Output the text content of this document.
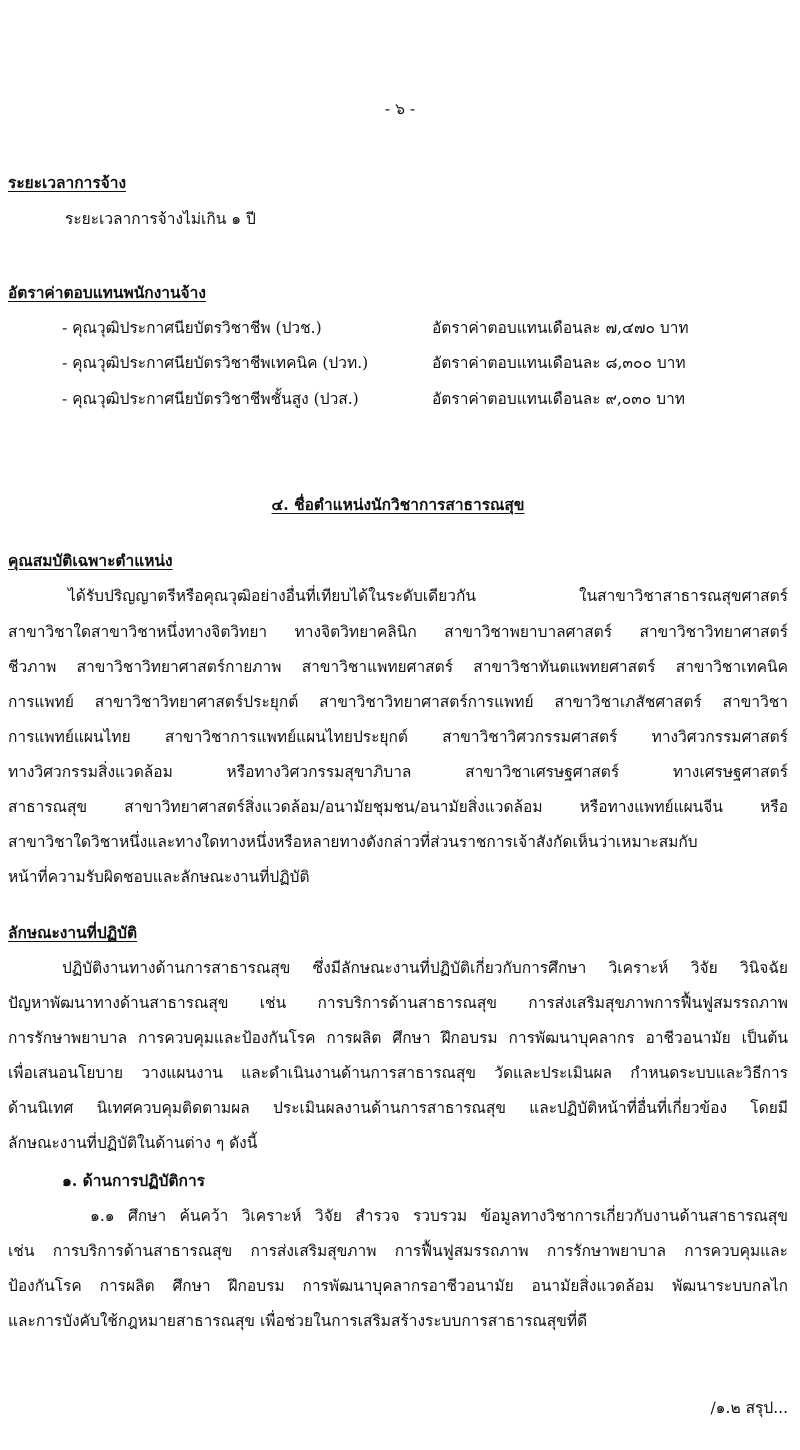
- ๖ -
ระยะเวลาการจ้าง
ระยะเวลาการจ้างไม่เกิน ๑ ปี
อัตราค่าตอบแทนพนักงานจ้าง
- คุณวุฒิประกาศนียบัตรวิชาชีพ (ปวช.)	อัตราค่าตอบแทนเดือนละ ๗,๔๗๐ บาท
- คุณวุฒิประกาศนียบัตรวิชาชีพเทคนิค (ปวท.)	อัตราค่าตอบแทนเดือนละ ๘,๓๐๐ บาท
- คุณวุฒิประกาศนียบัตรวิชาชีพชั้นสูง (ปวส.)	อัตราค่าตอบแทนเดือนละ ๙,๐๓๐ บาท
๔. ชื่อตำแหน่งนักวิชาการสาธารณสุข
คุณสมบัติเฉพาะตำแหน่ง
ได้รับปริญญาตรีหรือคุณวุฒิอย่างอื่นที่เทียบได้ในระดับเดียวกัน ในสาขาวิชาสาธารณสุขศาสตร์
สาขาวิชาใดสาขาวิชาหนึ่งทางจิตวิทยา ทางจิตวิทยาคลินิก สาขาวิชาพยาบาลศาสตร์ สาขาวิชาวิทยาศาสตร์
ชีวภาพ สาขาวิชาวิทยาศาสตร์กายภาพ สาขาวิชาแพทยศาสตร์ สาขาวิชาทันตแพทยศาสตร์ สาขาวิชาเทคนิค
การแพทย์ สาขาวิชาวิทยาศาสตร์ประยุกต์ สาขาวิชาวิทยาศาสตร์การแพทย์ สาขาวิชาเภสัชศาสตร์ สาขาวิชา
การแพทย์แผนไทย สาขาวิชาการแพทย์แผนไทยประยุกต์ สาขาวิชาวิศวกรรมศาสตร์ ทางวิศวกรรมศาสตร์
ทางวิศวกรรมสิ่งแวดล้อม หรือทางวิศวกรรมสุขาภิบาล สาขาวิชาเศรษฐศาสตร์ ทางเศรษฐศาสตร์
สาธารณสุข สาขาวิทยาศาสตร์สิ่งแวดล้อม/อนามัยชุมชน/อนามัยสิ่งแวดล้อม หรือทางแพทย์แผนจีน หรือ
สาขาวิชาใดวิชาหนึ่งและทางใดทางหนึ่งหรือหลายทางดังกล่าวที่ส่วนราชการเจ้าสังกัดเห็นว่าเหมาะสมกับ
หน้าที่ความรับผิดชอบและลักษณะงานที่ปฏิบัติ
ลักษณะงานที่ปฏิบัติ
ปฏิบัติงานทางด้านการสาธารณสุข ซึ่งมีลักษณะงานที่ปฏิบัติเกี่ยวกับการศึกษา วิเคราะห์ วิจัย วินิจฉัย
ปัญหาพัฒนาทางด้านสาธารณสุข เช่น การบริการด้านสาธารณสุข การส่งเสริมสุขภาพการฟื้นฟูสมรรถภาพ
การรักษาพยาบาล การควบคุมและป้องกันโรค การผลิต ศึกษา ฝึกอบรม การพัฒนาบุคลากร อาชีวอนามัย เป็นต้น
เพื่อเสนอนโยบาย วางแผนงาน และดำเนินงานด้านการสาธารณสุข วัดและประเมินผล กำหนดระบบและวิธีการ
ด้านนิเทศ นิเทศควบคุมติดตามผล ประเมินผลงานด้านการสาธารณสุข และปฏิบัติหน้าที่อื่นที่เกี่ยวข้อง โดยมี
ลักษณะงานที่ปฏิบัติในด้านต่าง ๆ ดังนี้
๑. ด้านการปฏิบัติการ
๑.๑ ศึกษา ค้นคว้า วิเคราะห์ วิจัย สำรวจ รวบรวม ข้อมูลทางวิชาการเกี่ยวกับงานด้านสาธารณสุข
เช่น การบริการด้านสาธารณสุข การส่งเสริมสุขภาพ การฟื้นฟูสมรรถภาพ การรักษาพยาบาล การควบคุมและ
ป้องกันโรค การผลิต ศึกษา ฝึกอบรม การพัฒนาบุคลากรอาชีวอนามัย อนามัยสิ่งแวดล้อม พัฒนาระบบกลไก
และการบังคับใช้กฎหมายสาธารณสุข เพื่อช่วยในการเสริมสร้างระบบการสาธารณสุขที่ดี
/๑.๒ สรุป...
